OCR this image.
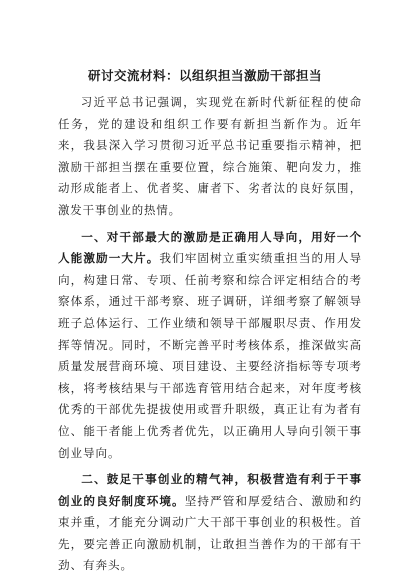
研讨交流材料：以组织担当激励干部担当

习近平总书记强调，实现党在新时代新征程的使命任务，党的建设和组织工作要有新担当新作为。近年来，我县深入学习贯彻习近平总书记重要指示精神，把激励干部担当摆在重要位置，综合施策、靶向发力，推动形成能者上、优者奖、庸者下、劣者汰的良好氛围，激发干事创业的热情。

一、对干部最大的激励是正确用人导向，用好一个人能激励一大片。我们牢固树立重实绩重担当的用人导向，构建日常、专项、任前考察和综合评定相结合的考察体系，通过干部考察、班子调研，详细考察了解领导班子总体运行、工作业绩和领导干部履职尽责、作用发挥等情况。同时，不断完善平时考核体系，推深做实高质量发展营商环境、项目建设、主要经济指标等专项考核，将考核结果与干部选育管用结合起来，对年度考核优秀的干部优先提拔使用或晋升职级，真正让有为者有位、能干者能上优秀者优先，以正确用人导向引领干事创业导向。

二、鼓足干事创业的精气神，积极营造有利于干事创业的良好制度环境。坚持严管和厚爱结合、激励和约束并重，才能充分调动广大干部干事创业的积极性。首先，要完善正向激励机制，让敢担当善作为的干部有干劲、有奔头。
